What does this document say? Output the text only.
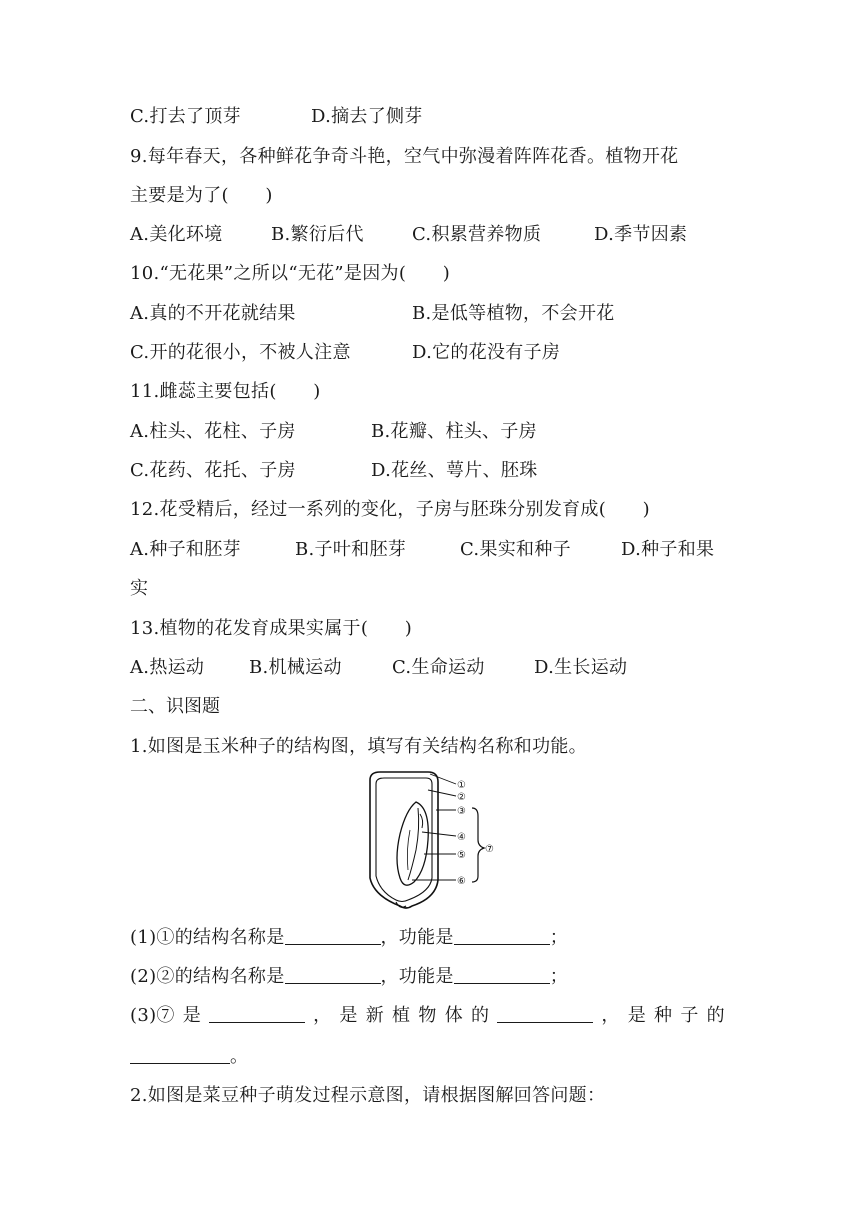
C.打去了顶芽	D.摘去了侧芽
9.每年春天，各种鲜花争奇斗艳，空气中弥漫着阵阵花香。植物开花
主要是为了(　　)
A.美化环境	B.繁衍后代	C.积累营养物质	D.季节因素
10.“无花果”之所以“无花”是因为(　　)
A.真的不开花就结果	B.是低等植物，不会开花
C.开的花很小，不被人注意	D.它的花没有子房
11.雌蕊主要包括(　　)
A.柱头、花柱、子房	B.花瓣、柱头、子房
C.花药、花托、子房	D.花丝、萼片、胚珠
12.花受精后，经过一系列的变化，子房与胚珠分别发育成(　　)
A.种子和胚芽	B.子叶和胚芽	C.果实和种子	D.种子和果
实
13.植物的花发育成果实属于(　　)
A.热运动 B.机械运动	C.生命运动	D.生长运动
二、识图题
1.如图是玉米种子的结构图，填写有关结构名称和功能。
①
②
③
④
⑤
⑥
⑦
(1)①的结构名称是	，功能是	；
(2)②的结构名称是	，功能是	；
(3)⑦ 是	， 是 新 植 物 体 的	， 是 种 子 的
。
2.如图是菜豆种子萌发过程示意图，请根据图解回答问题：
